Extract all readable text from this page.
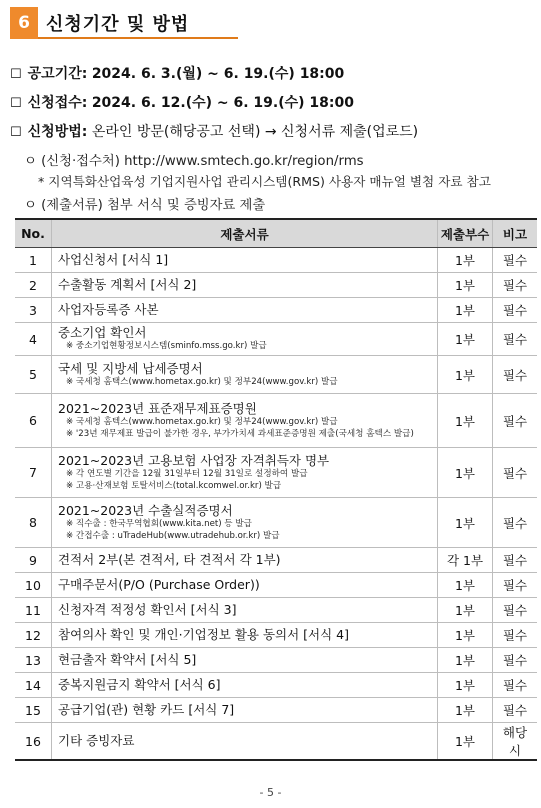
6 신청기간 및 방법
☐ 공고기간: 2024. 6. 3.(월) ~ 6. 19.(수) 18:00
☐ 신청접수: 2024. 6. 12.(수) ~ 6. 19.(수) 18:00
☐ 신청방법: 온라인 방문(해당공고 선택) → 신청서류 제출(업로드)
ㅇ (신청·접수처) http://www.smtech.go.kr/region/rms
* 지역특화산업육성 기업지원사업 관리시스템(RMS) 사용자 매뉴얼 별첨 자료 참고
ㅇ (제출서류) 첨부 서식 및 증빙자료 제출
No.	제출서류	제출부수	비고
1	사업신청서 [서식 1]	1부	필수
2	수출활동 계획서 [서식 2]	1부	필수
3	사업자등록증 사본	1부	필수
4	중소기업 확인서
※ 중소기업현황정보시스템(sminfo.mss.go.kr) 발급	1부	필수
5	국세 및 지방세 납세증명서
※ 국세청 홈택스(www.hometax.go.kr) 및 정부24(www.gov.kr) 발급	1부	필수
6	2021~2023년 표준재무제표증명원
※ 국세청 홈텍스(www.hometax.go.kr) 및 정부24(www.gov.kr) 발급
※ '23년 재무제표 발급이 불가한 경우, 부가가치세 과세표준증명원 제출(국세청 홈텍스 발급)	1부	필수
7	2021~2023년 고용보험 사업장 자격취득자 명부
※ 각 연도별 기간을 12월 31일부터 12월 31일로 설정하여 발급
※ 고용·산재보험 토탈서비스(total.kcomwel.or.kr) 발급	1부	필수
8	2021~2023년 수출실적증명서
※ 직수출 : 한국무역협회(www.kita.net) 등 발급
※ 간접수출 : uTradeHub(www.utradehub.or.kr) 발급	1부	필수
9	견적서 2부(본 견적서, 타 견적서 각 1부)	각 1부	필수
10	구매주문서(P/O (Purchase Order))	1부	필수
11	신청자격 적정성 확인서 [서식 3]	1부	필수
12	참여의사 확인 및 개인·기업정보 활용 동의서 [서식 4]	1부	필수
13	현금출자 확약서 [서식 5]	1부	필수
14	중복지원금지 확약서 [서식 6]	1부	필수
15	공급기업(관) 현황 카드 [서식 7]	1부	필수
16	기타 증빙자료	1부	해당 시
- 5 -
